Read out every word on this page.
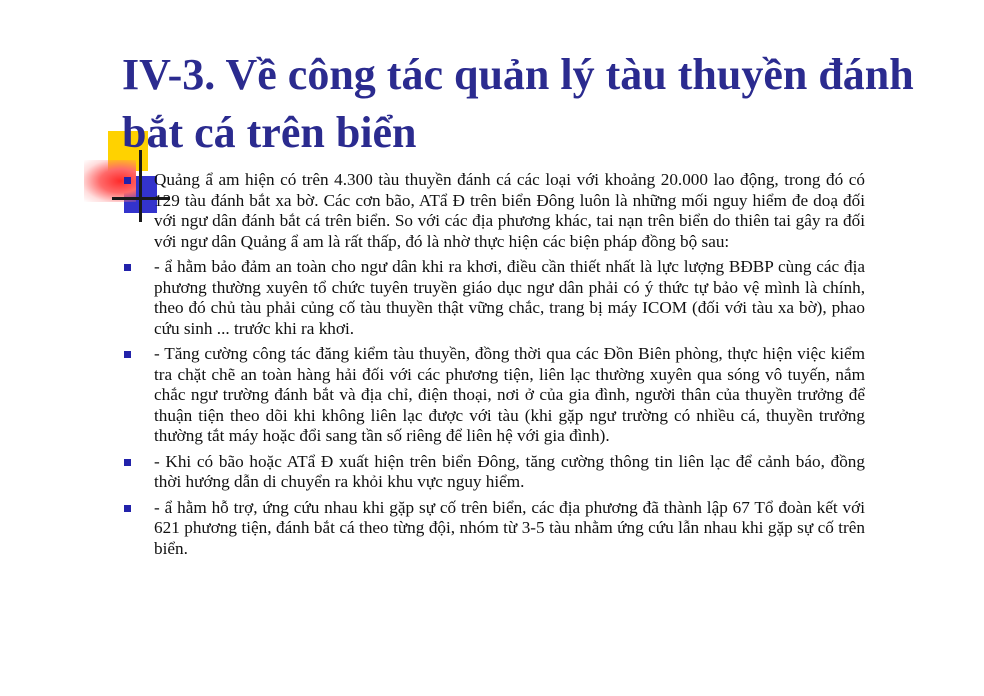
IV-3. Về công tác quản lý tàu thuyền đánh bắt cá trên biển
Quảng ẩ am hiện có trên 4.300 tàu thuyền đánh cá các loại với khoảng 20.000 lao động, trong đó có 129 tàu đánh bắt xa bờ. Các cơn bão, ATẩ Đ trên biển Đông luôn là những mối nguy hiểm đe doạ đối với ngư dân đánh bắt cá trên biển. So với các địa phương khác, tai nạn trên biển do thiên tai gây ra đối với ngư dân Quảng ẩ am là rất thấp, đó là nhờ thực hiện các biện pháp đồng bộ sau:
- ẩ hằm bảo đảm an toàn cho ngư dân khi ra khơi, điều cần thiết nhất là lực lượng BĐBP cùng các địa phương thường xuyên tổ chức tuyên truyền giáo dục ngư dân phải có ý thức tự bảo vệ mình là chính, theo đó chủ tàu phải củng cố tàu thuyền thật vững chắc, trang bị máy ICOM (đối với tàu xa bờ), phao cứu sinh ... trước khi ra khơi.
- Tăng cường công tác đăng kiểm tàu thuyền, đồng thời qua các Đồn Biên phòng, thực hiện việc kiểm tra chặt chẽ an toàn hàng hải đối với các phương tiện, liên lạc thường xuyên qua sóng vô tuyến, nắm chắc ngư trường đánh bắt và địa chỉ, điện thoại, nơi ở của gia đình, người thân của thuyền trưởng để thuận tiện theo dõi khi không liên lạc được với tàu (khi gặp ngư trường có nhiều cá, thuyền trưởng thường tắt máy hoặc đổi sang tần số riêng để liên hệ với gia đình).
- Khi có bão hoặc ATẩ Đ xuất hiện trên biển Đông, tăng cường thông tin liên lạc để cảnh báo, đồng thời hướng dẫn di chuyển ra khỏi khu vực nguy hiểm.
- ẩ hằm hỗ trợ, ứng cứu nhau khi gặp sự cố trên biển, các địa phương đã thành lập 67 Tổ đoàn kết với 621 phương tiện, đánh bắt cá theo từng đội, nhóm từ 3-5 tàu nhằm ứng cứu lẫn nhau khi gặp sự cố trên biển.
